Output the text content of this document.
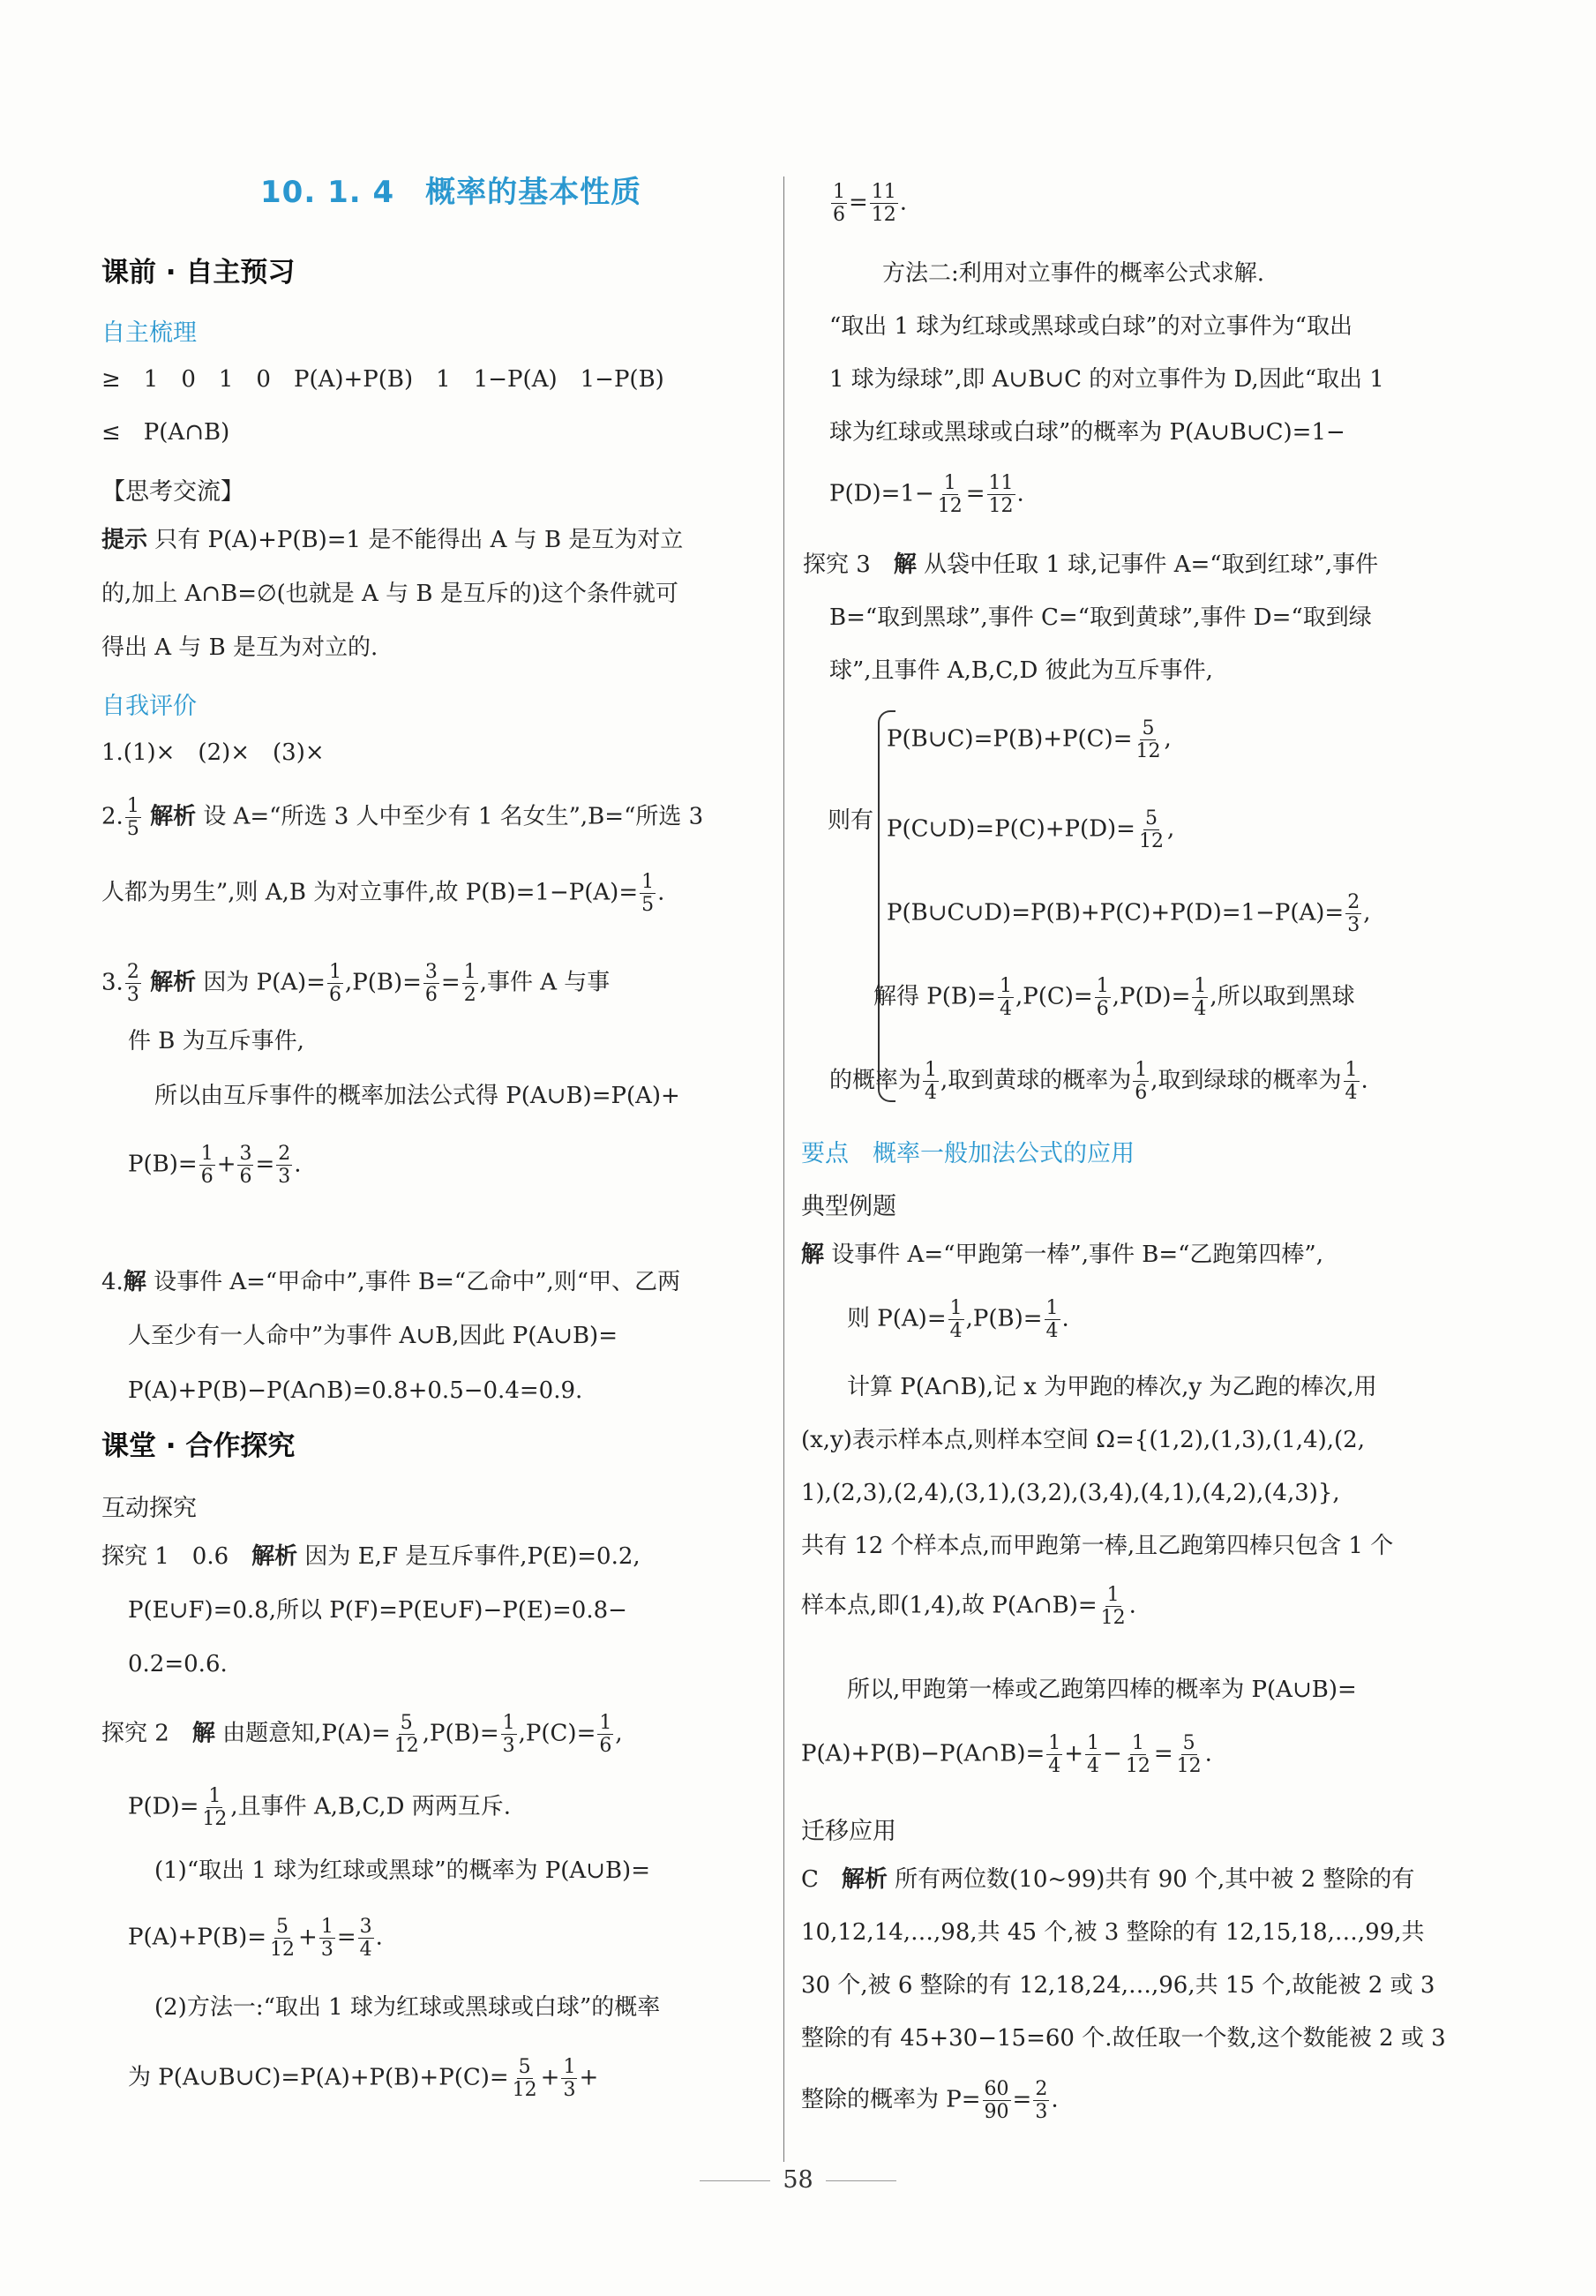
10. 1. 4　概率的基本性质
课前 · 自主预习
自主梳理
≥　1　0　1　0　P(A)+P(B)　1　1−P(A)　1−P(B)
≤　P(A∩B)
【思考交流】
提示 只有 P(A)+P(B)=1 是不能得出 A 与 B 是互为对立
的,加上 A∩B=∅(也就是 A 与 B 是互斥的)这个条件就可
得出 A 与 B 是互为对立的.
自我评价
1.(1)×　(2)×　(3)×
2. $\frac{1}{5}$ 解析 设 A=“所选 3 人中至少有 1 名女生”,B=“所选 3
人都为男生”,则 A,B 为对立事件,故 $P(B)=1-P(A)= \frac{1}{5}$ .
3. $\frac{2}{3}$ 解析 因为 $P(A)= \frac{1}{6} ,P(B)= \frac{3}{6} = \frac{1}{2}$ ,事件 A 与事
件 B 为互斥事件,
所以由互斥事件的概率加法公式得 P(A∪B)=P(A)+
$P(B)= \frac{1}{6} + \frac{3}{6} = \frac{2}{3}$ .
4.解 设事件 A=“甲命中”,事件 B=“乙命中”,则“甲、乙两
人至少有一人命中”为事件 A∪B,因此 P(A∪B)=
P(A)+P(B)−P(A∩B)=0.8+0.5−0.4=0.9.
课堂 · 合作探究
互动探究
探究 1　0.6　解析 因为 E,F 是互斥事件,P(E)=0.2,
P(E∪F)=0.8,所以 P(F)=P(E∪F)−P(E)=0.8−
0.2=0.6.
探究 2　解 由题意知$,P(A)= \frac{5}{12} ,P(B)= \frac{1}{3} ,P(C)= \frac{1}{6}$ ,
$P(D)= \frac{1}{12}$ ,且事件 A,B,C,D 两两互斥.
(1)“取出 1 球为红球或黑球”的概率为 P(A∪B)=
$P(A)+P(B)= \frac{5}{12} + \frac{1}{3} = \frac{3}{4}$ .
(2)方法一:“取出 1 球为红球或黑球或白球”的概率
为 P(A∪B∪C)=P(A)+P(B)+P(C)= $\frac{5}{12} + \frac{1}{3}$ +
$\frac{1}{6} = \frac{11}{12}$ .
方法二:利用对立事件的概率公式求解.
“取出 1 球为红球或黑球或白球”的对立事件为“取出
1 球为绿球”,即 A∪B∪C 的对立事件为 D,因此“取出 1
球为红球或黑球或白球”的概率为 P(A∪B∪C)=1−
$P(D)=1- \frac{1}{12} = \frac{11}{12}$ .
探究 3　解 从袋中任取 1 球,记事件 A=“取到红球”,事件
B=“取到黑球”,事件 C=“取到黄球”,事件 D=“取到绿
球”,且事件 A,B,C,D 彼此为互斥事件,
则有
P(B∪C)=P(B)+P(C)= $\frac{5}{12}$ ,
P(C∪D)=P(C)+P(D)= $\frac{5}{12}$ ,
P(B∪C∪D)=P(B)+P(C)+P(D)=1−P(A)= $\frac{2}{3}$ ,
解得 $P(B)= \frac{1}{4} ,P(C)= \frac{1}{6} ,P(D)= \frac{1}{4}$ ,所以取到黑球
的概率为 $\frac{1}{4}$ ,取到黄球的概率为 $\frac{1}{6}$ ,取到绿球的概率为 $\frac{1}{4}$ .
要点　概率一般加法公式的应用
典型例题
解 设事件 A=“甲跑第一棒”,事件 B=“乙跑第四棒”,
则 $P(A)= \frac{1}{4} ,P(B)= \frac{1}{4}$ .
计算 P(A∩B),记 x 为甲跑的棒次,y 为乙跑的棒次,用
(x,y)表示样本点,则样本空间 Ω={(1,2),(1,3),(1,4),(2,
1),(2,3),(2,4),(3,1),(3,2),(3,4),(4,1),(4,2),(4,3)},
共有 12 个样本点,而甲跑第一棒,且乙跑第四棒只包含 1 个
样本点,即(1,4),故 P(A∩B)= $\frac{1}{12}$ .
所以,甲跑第一棒或乙跑第四棒的概率为 P(A∪B)=
P(A)+P(B)−P(A∩B)= $\frac{1}{4} + \frac{1}{4} - \frac{1}{12} = \frac{5}{12}$ .
迁移应用
C　解析 所有两位数(10~99)共有 90 个,其中被 2 整除的有
10,12,14,…,98,共 45 个,被 3 整除的有 12,15,18,…,99,共
30 个,被 6 整除的有 12,18,24,…,96,共 15 个,故能被 2 或 3
整除的有 45+30−15=60 个.故任取一个数,这个数能被 2 或 3
整除的概率为 $P= \frac{60}{90} = \frac{2}{3}$ .
58
